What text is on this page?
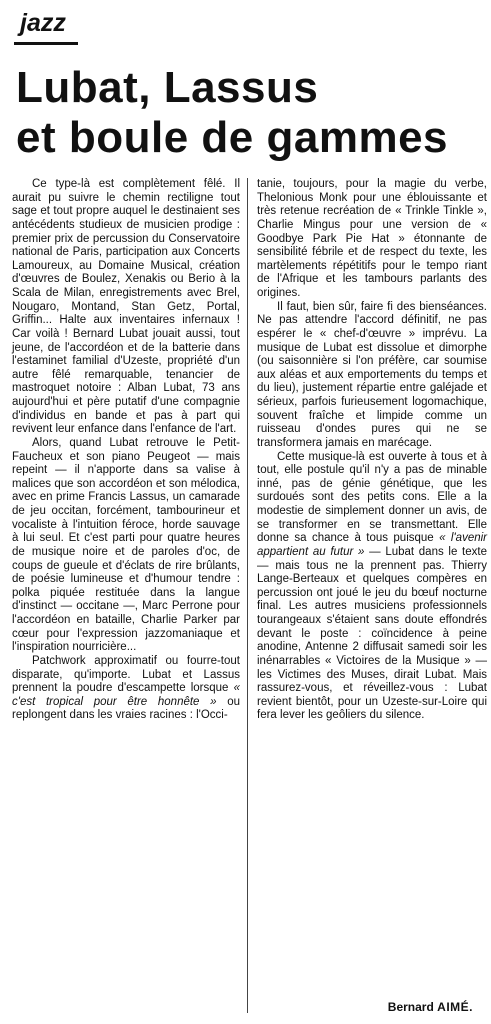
jazz
Lubat, Lassus
et boule de gammes

Ce type-là est complètement fêlé. Il aurait pu suivre le chemin rectiligne tout sage et tout propre auquel le destinaient ses antécédents studieux de musicien prodige : premier prix de percussion du Conservatoire national de Paris, participation aux Concerts Lamoureux, au Domaine Musical, création d'œuvres de Boulez, Xenakis ou Berio à la Scala de Milan, enregistrements avec Brel, Nougaro, Montand, Stan Getz, Portal, Griffin... Halte aux inventaires infernaux ! Car voilà ! Bernard Lubat jouait aussi, tout jeune, de l'accordéon et de la batterie dans l'estaminet familial d'Uzeste, propriété d'un autre fêlé remarquable, tenancier de mastroquet notoire : Alban Lubat, 73 ans aujourd'hui et père putatif d'une compagnie d'individus en bande et pas à part qui revivent leur enfance dans l'enfance de l'art.

Alors, quand Lubat retrouve le Petit-Faucheux et son piano Peugeot — mais repeint — il n'apporte dans sa valise à malices que son accordéon et son mélodica, avec en prime Francis Lassus, un camarade de jeu occitan, forcément, tambourineur et vocaliste à l'intuition féroce, horde sauvage à lui seul. Et c'est parti pour quatre heures de musique noire et de paroles d'oc, de coups de gueule et d'éclats de rire brûlants, de poésie lumineuse et d'humour tendre : polka piquée restituée dans la langue d'instinct — occitane —, Marc Perrone pour l'accordéon en bataille, Charlie Parker par cœur pour l'expression jazzomaniaque et l'inspiration nourricière...

Patchwork approximatif ou fourre-tout disparate, qu'importe. Lubat et Lassus prennent la poudre d'escampette lorsque « c'est tropical pour être honnête » ou replongent dans les vraies racines : l'Occi-

tanie, toujours, pour la magie du verbe, Thelonious Monk pour une éblouissante et très retenue recréation de « Trinkle Tinkle », Charlie Mingus pour une version de « Goodbye Park Pie Hat » étonnante de sensibilité fébrile et de respect du texte, les martèlements répétitifs pour le tempo riant de l'Afrique et les tambours parlants des origines.

Il faut, bien sûr, faire fi des bienséances. Ne pas attendre l'accord définitif, ne pas espérer le « chef-d'œuvre » imprévu. La musique de Lubat est dissolue et dimorphe (ou saisonnière si l'on préfère, car soumise aux aléas et aux emportements du temps et du lieu), justement répartie entre galéjade et sérieux, parfois furieusement logomachique, souvent fraîche et limpide comme un ruisseau d'ondes pures qui ne se transformera jamais en marécage.

Cette musique-là est ouverte à tous et à tout, elle postule qu'il n'y a pas de minable inné, pas de génie génétique, que les surdoués sont des petits cons. Elle a la modestie de simplement donner un avis, de se transformer en se transmettant. Elle donne sa chance à tous puisque « l'avenir appartient au futur » — Lubat dans le texte — mais tous ne la prennent pas. Thierry Lange-Berteaux et quelques compères en percussion ont joué le jeu du bœuf nocturne final. Les autres musiciens professionnels tourangeaux s'étaient sans doute effondrés devant le poste : coïncidence à peine anodine, Antenne 2 diffusait samedi soir les inénarrables « Victoires de la Musique » — les Victimes des Muses, dirait Lubat. Mais rassurez-vous, et réveillez-vous : Lubat revient bientôt, pour un Uzeste-sur-Loire qui fera lever les geôliers du silence.

Bernard AIMÉ.
